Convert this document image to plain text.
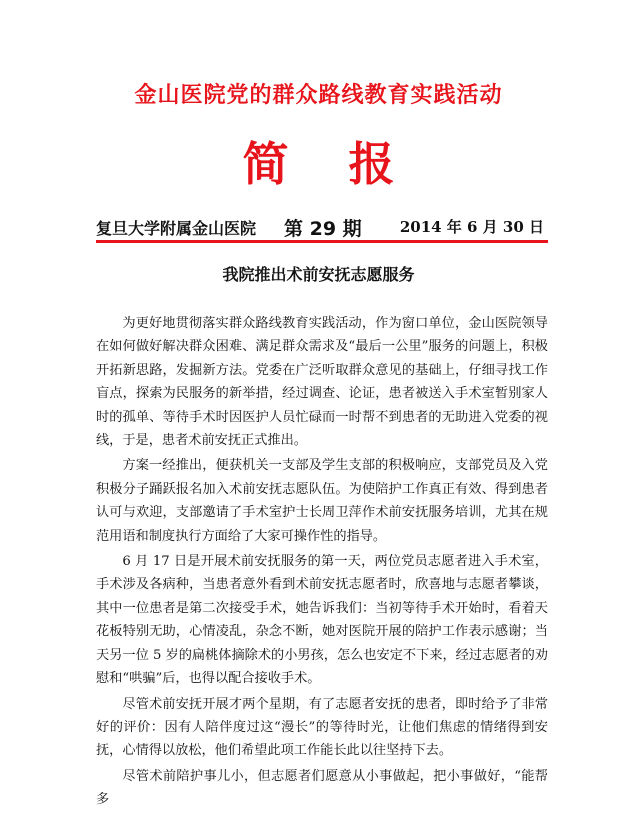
金山医院党的群众路线教育实践活动
简报
复旦大学附属金山医院 第 29 期	2014 年 6 月 30 日
我院推出术前安抚志愿服务

为更好地贯彻落实群众路线教育实践活动，作为窗口单位，金山医院领导在如何做好解决群众困难、满足群众需求及“最后一公里”服务的问题上，积极开拓新思路，发掘新方法。党委在广泛听取群众意见的基础上，仔细寻找工作盲点，探索为民服务的新举措，经过调查、论证，患者被送入手术室暂别家人时的孤单、等待手术时因医护人员忙碌而一时帮不到患者的无助进入党委的视线，于是，患者术前安抚正式推出。

方案一经推出，便获机关一支部及学生支部的积极响应，支部党员及入党积极分子踊跃报名加入术前安抚志愿队伍。为使陪护工作真正有效、得到患者认可与欢迎，支部邀请了手术室护士长周卫萍作术前安抚服务培训，尤其在规范用语和制度执行方面给了大家可操作性的指导。

6 月 17 日是开展术前安抚服务的第一天，两位党员志愿者进入手术室，手术涉及各病种，当患者意外看到术前安抚志愿者时，欣喜地与志愿者攀谈，其中一位患者是第二次接受手术，她告诉我们：当初等待手术开始时，看着天花板特别无助，心情凌乱，杂念不断，她对医院开展的陪护工作表示感谢；当天另一位 5 岁的扁桃体摘除术的小男孩，怎么也安定不下来，经过志愿者的劝慰和“哄骗”后，也得以配合接收手术。

尽管术前安抚开展才两个星期，有了志愿者安抚的患者，即时给予了非常好的评价：因有人陪伴度过这“漫长”的等待时光，让他们焦虑的情绪得到安抚，心情得以放松，他们希望此项工作能长此以往坚持下去。

尽管术前陪护事儿小，但志愿者们愿意从小事做起，把小事做好，“能帮多
